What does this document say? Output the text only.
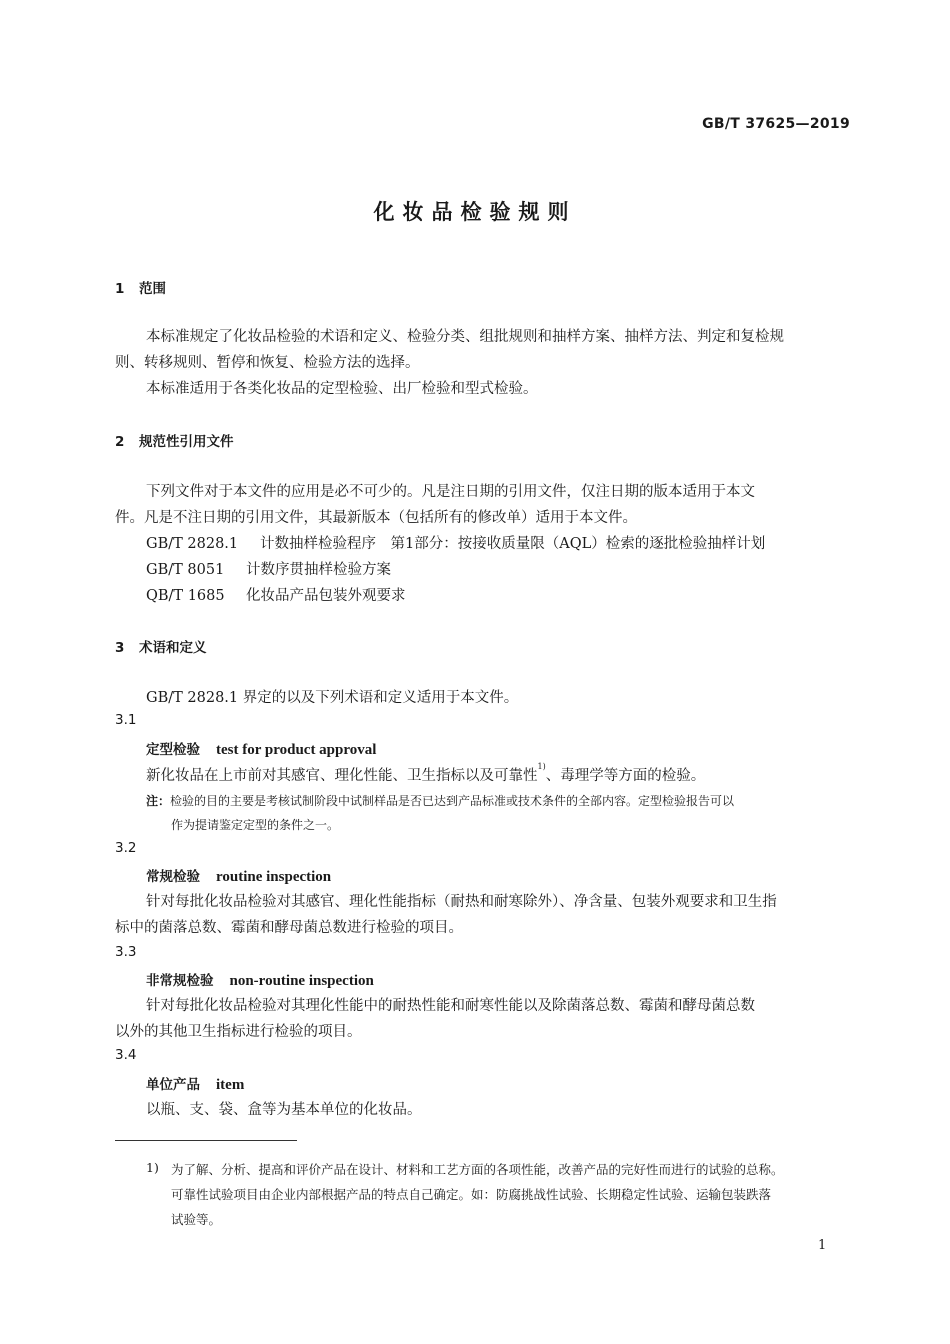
GB/T 37625—2019
化妆品检验规则
1 范围
本标准规定了化妆品检验的术语和定义、检验分类、组批规则和抽样方案、抽样方法、判定和复检规
则、转移规则、暂停和恢复、检验方法的选择。
本标准适用于各类化妆品的定型检验、出厂检验和型式检验。
2 规范性引用文件
下列文件对于本文件的应用是必不可少的。凡是注日期的引用文件，仅注日期的版本适用于本文
件。凡是不注日期的引用文件，其最新版本（包括所有的修改单）适用于本文件。
GB/T 2828.1 计数抽样检验程序　第1部分：按接收质量限（AQL）检索的逐批检验抽样计划
GB/T 8051 计数序贯抽样检验方案
QB/T 1685 化妆品产品包装外观要求
3 术语和定义
GB/T 2828.1 界定的以及下列术语和定义适用于本文件。
3.1
定型检验 test for product approval
新化妆品在上市前对其感官、理化性能、卫生指标以及可靠性$^{1)}$、毒理学等方面的检验。
注：检验的目的主要是考核试制阶段中试制样品是否已达到产品标准或技术条件的全部内容。定型检验报告可以
作为提请鉴定定型的条件之一。
3.2
常规检验 routine inspection
针对每批化妆品检验对其感官、理化性能指标（耐热和耐寒除外）、净含量、包装外观要求和卫生指
标中的菌落总数、霉菌和酵母菌总数进行检验的项目。
3.3
非常规检验 non-routine inspection
针对每批化妆品检验对其理化性能中的耐热性能和耐寒性能以及除菌落总数、霉菌和酵母菌总数
以外的其他卫生指标进行检验的项目。
3.4
单位产品 item
以瓶、支、袋、盒等为基本单位的化妆品。
1) 为了解、分析、提高和评价产品在设计、材料和工艺方面的各项性能，改善产品的完好性而进行的试验的总称。
可靠性试验项目由企业内部根据产品的特点自己确定。如：防腐挑战性试验、长期稳定性试验、运输包装跌落
试验等。
1
